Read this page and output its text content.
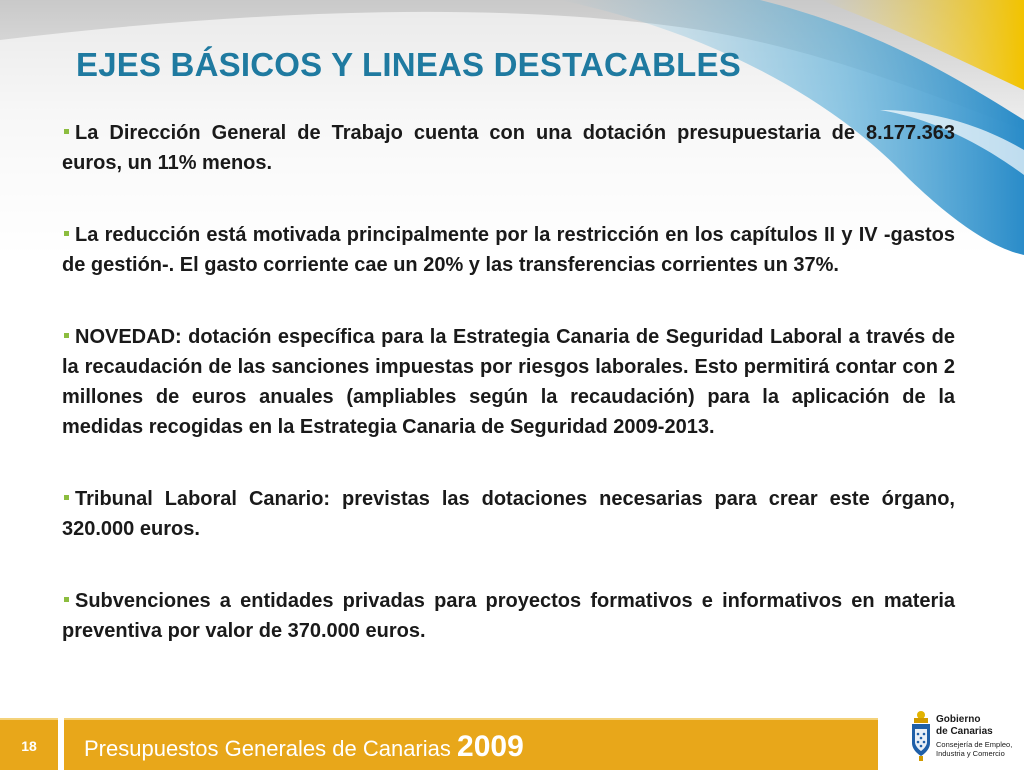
EJES BÁSICOS Y LINEAS DESTACABLES

La Dirección General de Trabajo cuenta con una dotación presupuestaria de 8.177.363 euros, un 11% menos.

La reducción está motivada principalmente por la restricción en los capítulos II y IV -gastos de gestión-. El gasto corriente cae un 20% y las transferencias corrientes un 37%.

NOVEDAD: dotación específica para la Estrategia Canaria de Seguridad Laboral a través de la recaudación de las sanciones impuestas por riesgos laborales. Esto permitirá contar con 2 millones de euros anuales (ampliables según la recaudación) para la aplicación de la medidas recogidas en la Estrategia Canaria de Seguridad 2009-2013.

Tribunal Laboral Canario: previstas las dotaciones necesarias para crear este órgano, 320.000 euros.

Subvenciones a entidades privadas para proyectos formativos e informativos en materia preventiva por valor de 370.000 euros.

18	Presupuestos Generales de Canarias 2009
Gobierno
de Canarias
Consejería de Empleo,
Industria y Comercio
